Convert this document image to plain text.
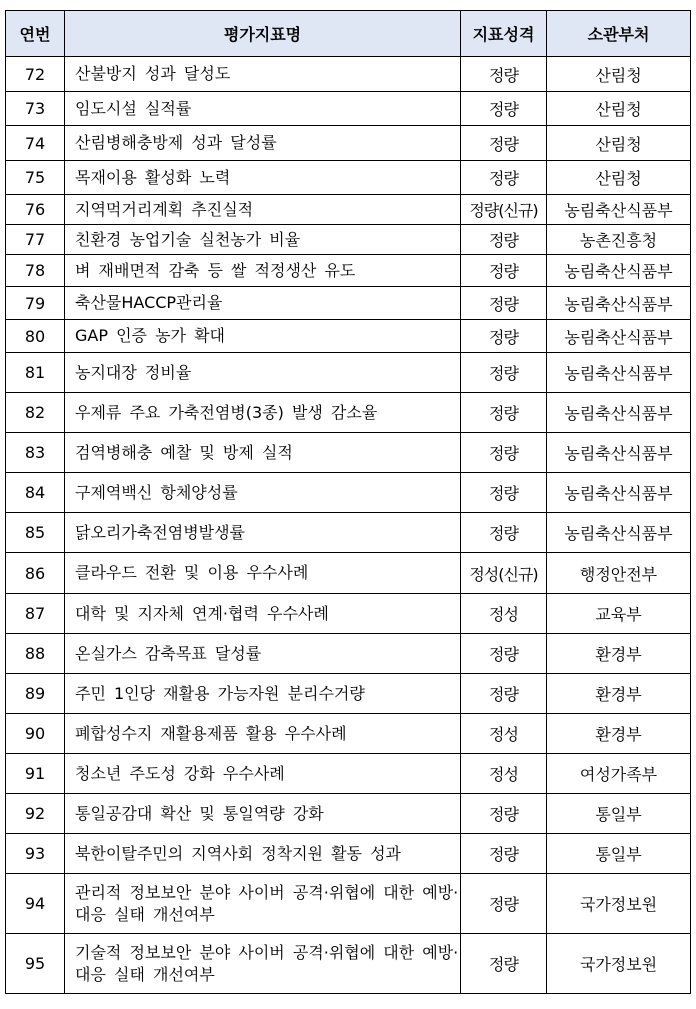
연번	평가지표명	지표성격	소관부처
72	산불방지 성과 달성도	정량	산림청
73	임도시설 실적률	정량	산림청
74	산림병해충방제 성과 달성률	정량	산림청
75	목재이용 활성화 노력	정량	산림청
76	지역먹거리계획 추진실적	정량(신규)	농림축산식품부
77	친환경 농업기술 실천농가 비율	정량	농촌진흥청
78	벼 재배면적 감축 등 쌀 적정생산 유도	정량	농림축산식품부
79	축산물HACCP관리율	정량	농림축산식품부
80	GAP 인증 농가 확대	정량	농림축산식품부
81	농지대장 정비율	정량	농림축산식품부
82	우제류 주요 가축전염병(3종) 발생 감소율	정량	농림축산식품부
83	검역병해충 예찰 및 방제 실적	정량	농림축산식품부
84	구제역백신 항체양성률	정량	농림축산식품부
85	닭오리가축전염병발생률	정량	농림축산식품부
86	클라우드 전환 및 이용 우수사례	정성(신규)	행정안전부
87	대학 및 지자체 연계·협력 우수사례	정성	교육부
88	온실가스 감축목표 달성률	정량	환경부
89	주민 1인당 재활용 가능자원 분리수거량	정량	환경부
90	폐합성수지 재활용제품 활용 우수사례	정성	환경부
91	청소년 주도성 강화 우수사례	정성	여성가족부
92	통일공감대 확산 및 통일역량 강화	정량	통일부
93	북한이탈주민의 지역사회 정착지원 활동 성과	정량	통일부
94	관리적 정보보안 분야 사이버 공격·위협에 대한 예방·대응 실태 개선여부	정량	국가정보원
95	기술적 정보보안 분야 사이버 공격·위협에 대한 예방·대응 실태 개선여부	정량	국가정보원
